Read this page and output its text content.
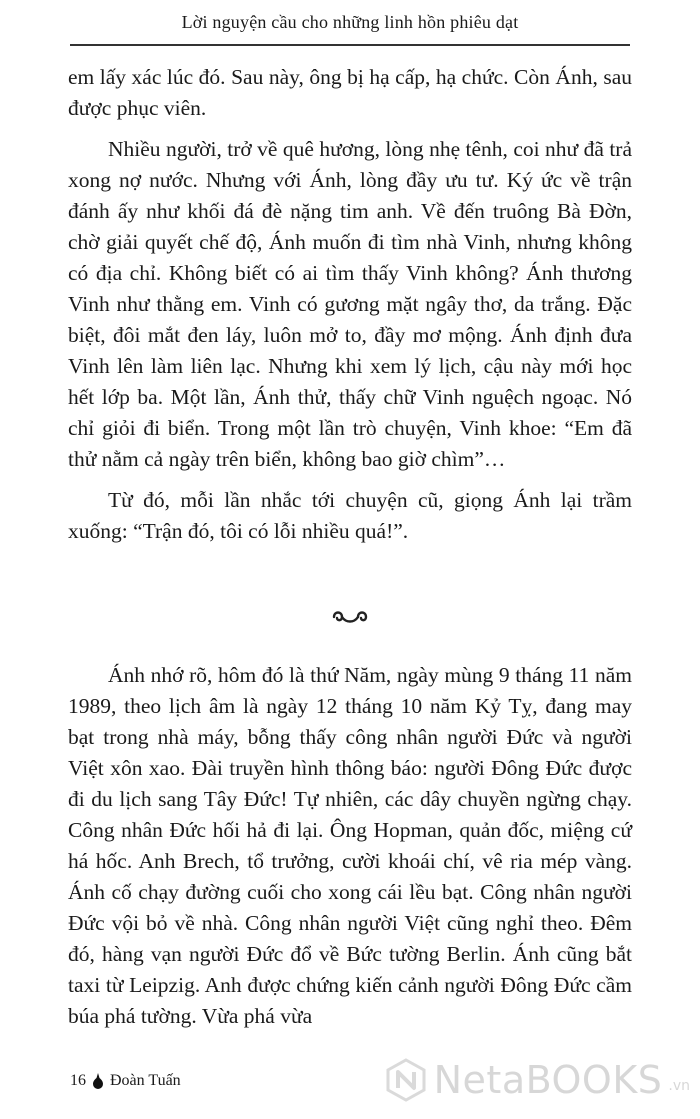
Lời nguyện cầu cho những linh hồn phiêu dạt

em lấy xác lúc đó. Sau này, ông bị hạ cấp, hạ chức. Còn Ánh, sau được phục viên.

Nhiều người, trở về quê hương, lòng nhẹ tênh, coi như đã trả xong nợ nước. Nhưng với Ánh, lòng đầy ưu tư. Ký ức về trận đánh ấy như khối đá đè nặng tim anh. Về đến truông Bà Đờn, chờ giải quyết chế độ, Ánh muốn đi tìm nhà Vinh, nhưng không có địa chỉ. Không biết có ai tìm thấy Vinh không? Ánh thương Vinh như thằng em. Vinh có gương mặt ngây thơ, da trắng. Đặc biệt, đôi mắt đen láy, luôn mở to, đầy mơ mộng. Ánh định đưa Vinh lên làm liên lạc. Nhưng khi xem lý lịch, cậu này mới học hết lớp ba. Một lần, Ánh thử, thấy chữ Vinh nguệch ngoạc. Nó chỉ giỏi đi biển. Trong một lần trò chuyện, Vinh khoe: “Em đã thử nằm cả ngày trên biển, không bao giờ chìm”…

Từ đó, mỗi lần nhắc tới chuyện cũ, giọng Ánh lại trầm xuống: “Trận đó, tôi có lỗi nhiều quá!”.

Ánh nhớ rõ, hôm đó là thứ Năm, ngày mùng 9 tháng 11 năm 1989, theo lịch âm là ngày 12 tháng 10 năm Kỷ Tỵ, đang may bạt trong nhà máy, bỗng thấy công nhân người Đức và người Việt xôn xao. Đài truyền hình thông báo: người Đông Đức được đi du lịch sang Tây Đức! Tự nhiên, các dây chuyền ngừng chạy. Công nhân Đức hối hả đi lại. Ông Hopman, quản đốc, miệng cứ há hốc. Anh Brech, tổ trưởng, cười khoái chí, vê ria mép vàng. Ánh cố chạy đường cuối cho xong cái lều bạt. Công nhân người Đức vội bỏ về nhà. Công nhân người Việt cũng nghỉ theo. Đêm đó, hàng vạn người Đức đổ về Bức tường Berlin. Ánh cũng bắt taxi từ Leipzig. Anh được chứng kiến cảnh người Đông Đức cầm búa phá tường. Vừa phá vừa

16 Đoàn Tuấn	NetaBOOKS .vn
